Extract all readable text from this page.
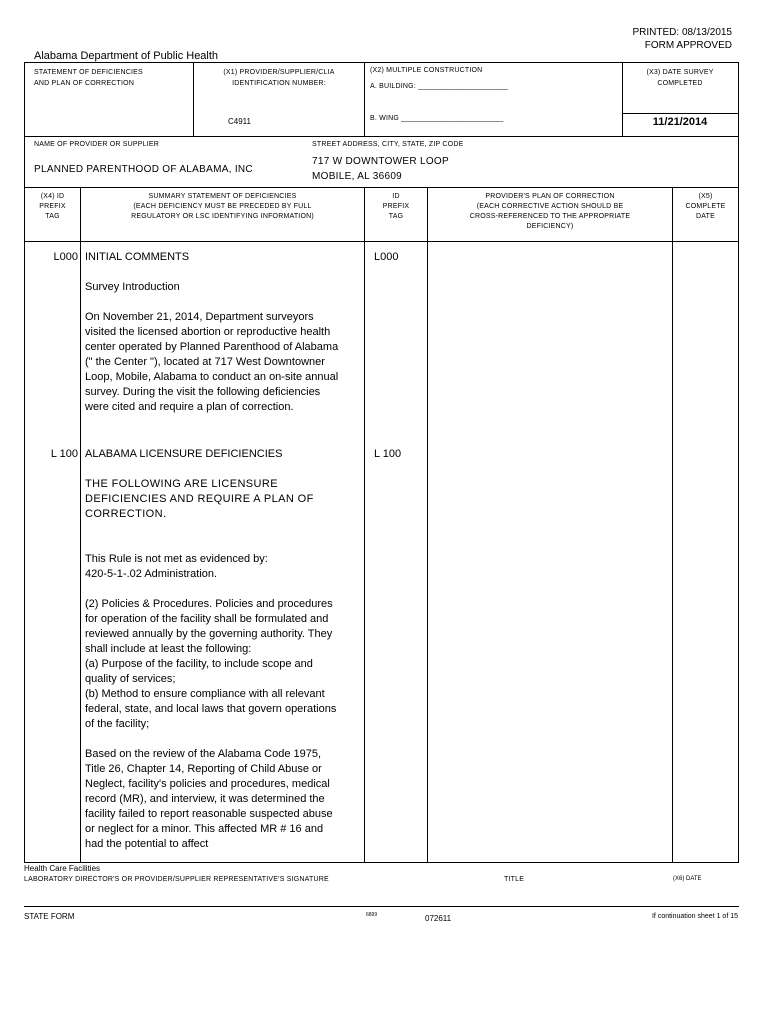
PRINTED: 08/13/2015
FORM APPROVED
Alabama Department of Public Health
STATEMENT OF DEFICIENCIES
AND PLAN OF CORRECTION
(X1) PROVIDER/SUPPLIER/CLIA
IDENTIFICATION NUMBER:
C4911
(X2) MULTIPLE CONSTRUCTION
A. BUILDING: ______________________
B. WING _________________________
(X3) DATE SURVEY
COMPLETED
11/21/2014
NAME OF PROVIDER OR SUPPLIER
PLANNED PARENTHOOD OF ALABAMA, INC
STREET ADDRESS, CITY, STATE, ZIP CODE
717 W DOWNTOWER LOOP
MOBILE, AL 36609
(X4) ID
PREFIX
TAG
SUMMARY STATEMENT OF DEFICIENCIES
(EACH DEFICIENCY MUST BE PRECEDED BY FULL
REGULATORY OR LSC IDENTIFYING INFORMATION)
ID
PREFIX
TAG
PROVIDER'S PLAN OF CORRECTION
(EACH CORRECTIVE ACTION SHOULD BE
CROSS-REFERENCED TO THE APPROPRIATE
DEFICIENCY)
(X5)
COMPLETE
DATE
L000	L000
INITIAL COMMENTS
Survey Introduction
On November 21, 2014, Department surveyors visited the licensed abortion or reproductive health center operated by Planned Parenthood of Alabama (" the Center "), located at 717 West Downtowner Loop, Mobile, Alabama to conduct an on-site annual survey. During the visit the following deficiencies were cited and require a plan of correction.
L 100	L 100
ALABAMA LICENSURE DEFICIENCIES
THE FOLLOWING ARE LICENSURE DEFICIENCIES AND REQUIRE A PLAN OF CORRECTION.
This Rule is not met as evidenced by:
420-5-1-.02 Administration.
(2) Policies & Procedures. Policies and procedures for operation of the facility shall be formulated and reviewed annually by the governing authority. They shall include at least the following:
(a) Purpose of the facility, to include scope and quality of services;
(b) Method to ensure compliance with all relevant federal, state, and local laws that govern operations of the facility;
Based on the review of the Alabama Code 1975, Title 26, Chapter 14, Reporting of Child Abuse or Neglect, facility's policies and procedures, medical record (MR), and interview, it was determined the facility failed to report reasonable suspected abuse or neglect for a minor. This affected MR # 16 and had the potential to affect
Health Care Facilities
LABORATORY DIRECTOR'S OR PROVIDER/SUPPLIER REPRESENTATIVE'S SIGNATURE	TITLE	(X6) DATE
STATE FORM	6899	072611	If continuation sheet 1 of 15
